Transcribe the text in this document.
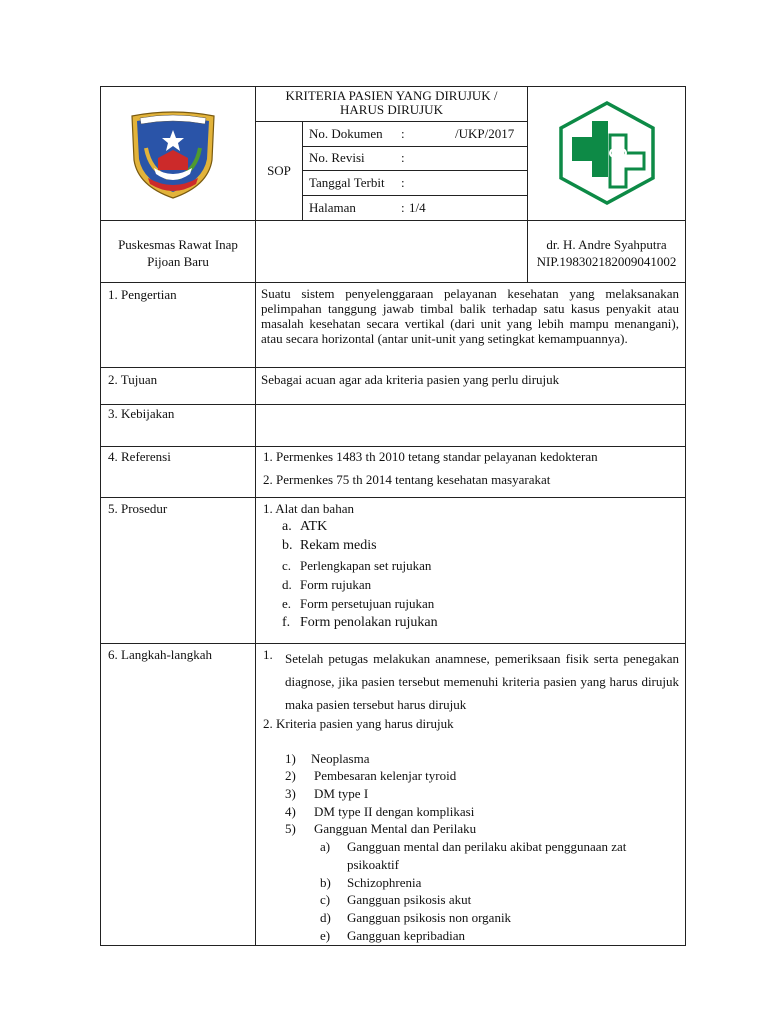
KRITERIA PASIEN YANG DIRUJUK /
HARUS DIRUJUK
SOP
No. Dokumen :	/UKP/2017
No. Revisi	:
Tanggal Terbit :
Halaman	: 1/4
Puskesmas Rawat Inap
Pijoan Baru
dr. H. Andre Syahputra
NIP.19830218200904100​2
1. Pengertian	Suatu sistem penyelenggaraan pelayanan kesehatan yang melaksanakan pelimpahan tanggung jawab timbal balik terhadap satu kasus penyakit atau masalah kesehatan secara vertikal (dari unit yang lebih mampu menangani), atau secara horizontal (antar unit-unit yang setingkat kemampuannya).
2. Tujuan	Sebagai acuan agar ada kriteria pasien yang perlu dirujuk
3. Kebijakan
4. Referensi	1. Permenkes 1483 th 2010 tetang standar pelayanan kedokteran
2. Permenkes 75 th 2014 tentang kesehatan masyarakat
5. Prosedur	1. Alat dan bahan
a. ATK
b. Rekam medis
c. Perlengkapan set rujukan
d. Form rujukan
e. Form persetujuan rujukan
f. Form penolakan rujukan
6. Langkah-langkah	1. Setelah petugas melakukan anamnese, pemeriksaan fisik serta penegakan diagnose, jika pasien tersebut memenuhi kriteria pasien yang harus dirujuk maka pasien tersebut harus dirujuk
2. Kriteria pasien yang harus dirujuk
1) Neoplasma
2) Pembesaran kelenjar tyroid
3) DM type I
4) DM type II dengan komplikasi
5) Gangguan Mental dan Perilaku
a) Gangguan mental dan perilaku akibat penggunaan zat
psikoaktif
b) Schizophrenia
c) Gangguan psikosis akut
d) Gangguan psikosis non organik
e) Gangguan kepribadian
